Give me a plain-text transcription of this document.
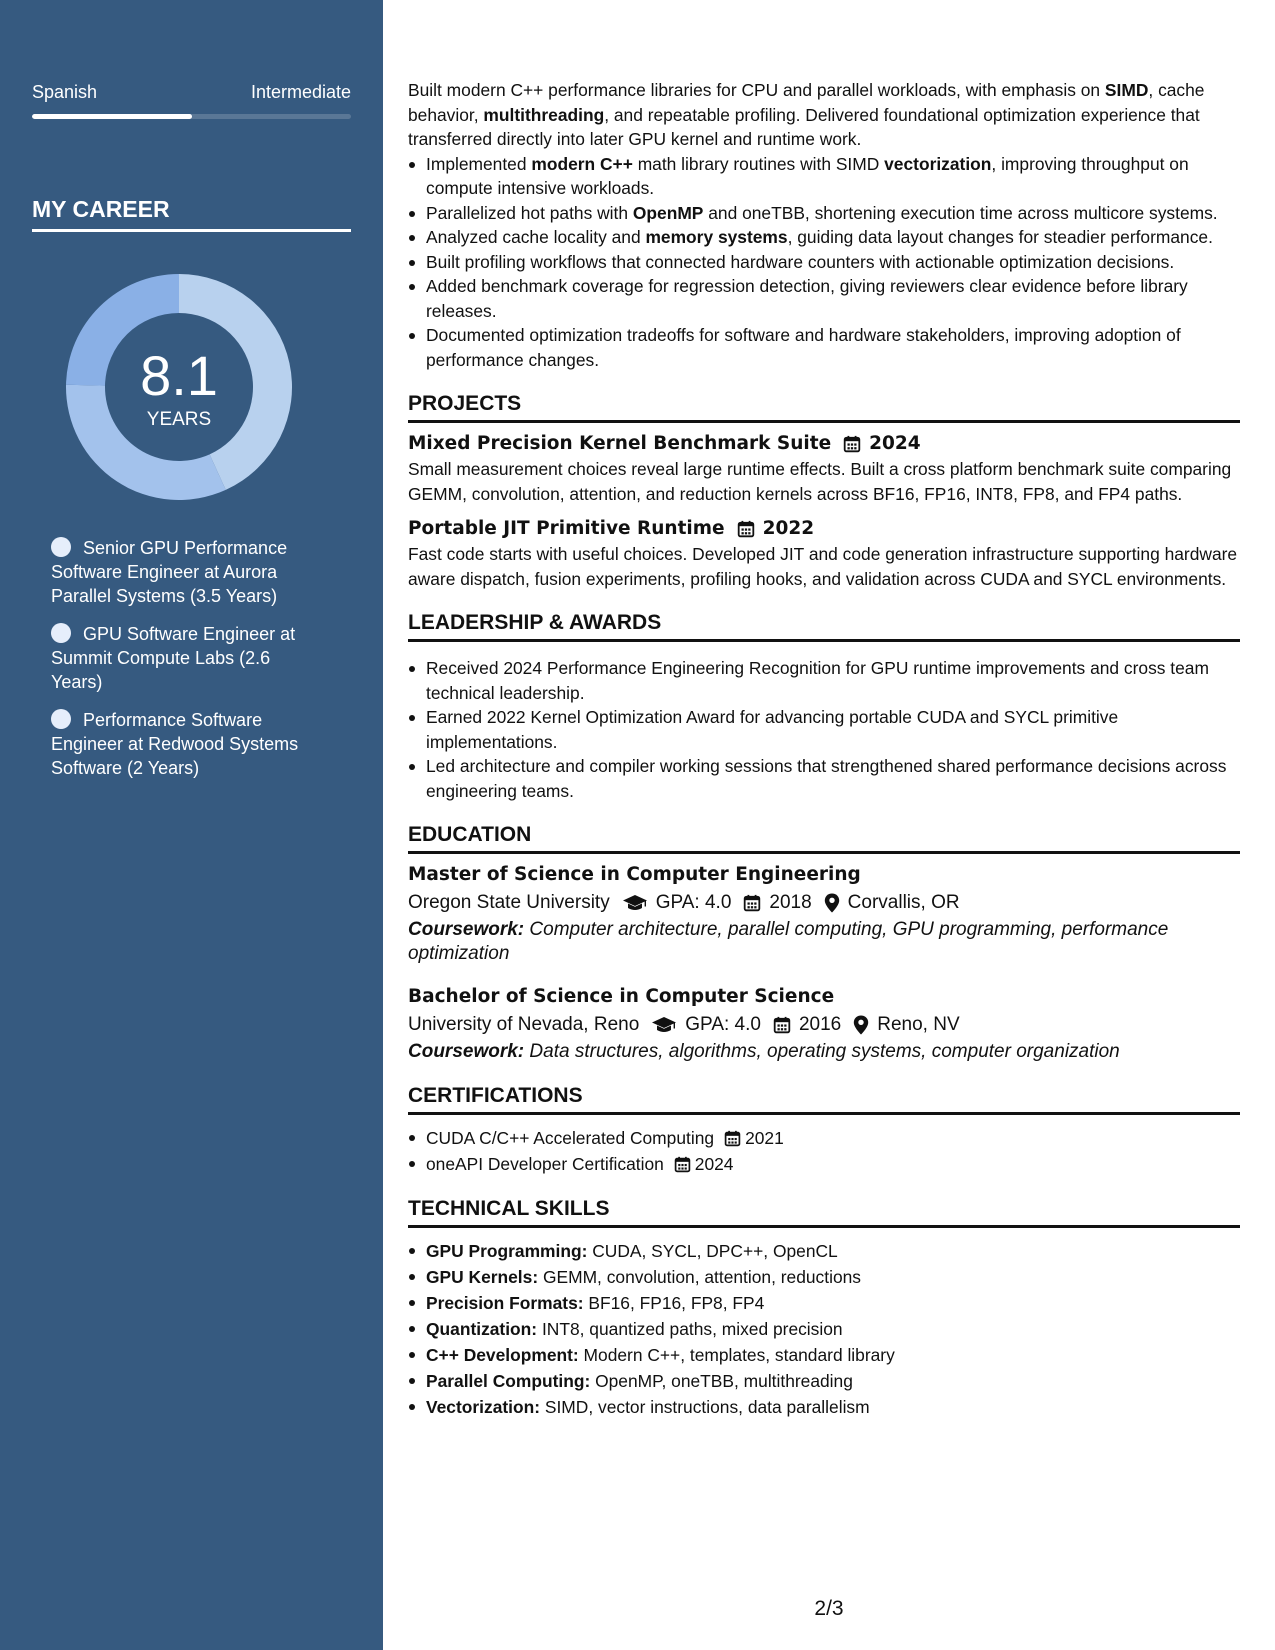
Spanish	Intermediate
MY CAREER
8.1
YEARS
Senior GPU Performance Software Engineer at Aurora Parallel Systems (3.5 Years)
GPU Software Engineer at Summit Compute Labs (2.6 Years)
Performance Software Engineer at Redwood Systems Software (2 Years)

Built modern C++ performance libraries for CPU and parallel workloads, with emphasis on SIMD, cache behavior, multithreading, and repeatable profiling. Delivered foundational optimization experience that transferred directly into later GPU kernel and runtime work.

Implemented modern C++ math library routines with SIMD vectorization, improving throughput on compute intensive workloads.
Parallelized hot paths with OpenMP and oneTBB, shortening execution time across multicore systems.
Analyzed cache locality and memory systems, guiding data layout changes for steadier performance.
Built profiling workflows that connected hardware counters with actionable optimization decisions.
Added benchmark coverage for regression detection, giving reviewers clear evidence before library releases.
Documented optimization tradeoffs for software and hardware stakeholders, improving adoption of performance changes.
PROJECTS
Mixed Precision Kernel Benchmark Suite 2024

Small measurement choices reveal large runtime effects. Built a cross platform benchmark suite comparing GEMM, convolution, attention, and reduction kernels across BF16, FP16, INT8, FP8, and FP4 paths.

Portable JIT Primitive Runtime 2022

Fast code starts with useful choices. Developed JIT and code generation infrastructure supporting hardware aware dispatch, fusion experiments, profiling hooks, and validation across CUDA and SYCL environments.

LEADERSHIP & AWARDS
Received 2024 Performance Engineering Recognition for GPU runtime improvements and cross team technical leadership.
Earned 2022 Kernel Optimization Award for advancing portable CUDA and SYCL primitive implementations.
Led architecture and compiler working sessions that strengthened shared performance decisions across engineering teams.
EDUCATION
Master of Science in Computer Engineering
Oregon State University GPA: 4.0 2018 Corvallis, OR

Coursework: Computer architecture, parallel computing, GPU programming, performance optimization

Bachelor of Science in Computer Science
University of Nevada, Reno GPA: 4.0 2016 Reno, NV

Coursework: Data structures, algorithms, operating systems, computer organization

CERTIFICATIONS
CUDA C/C++ Accelerated Computing 2021
oneAPI Developer Certification 2024
TECHNICAL SKILLS
GPU Programming: CUDA, SYCL, DPC++, OpenCL
GPU Kernels: GEMM, convolution, attention, reductions
Precision Formats: BF16, FP16, FP8, FP4
Quantization: INT8, quantized paths, mixed precision
C++ Development: Modern C++, templates, standard library
Parallel Computing: OpenMP, oneTBB, multithreading
Vectorization: SIMD, vector instructions, data parallelism
2/3
